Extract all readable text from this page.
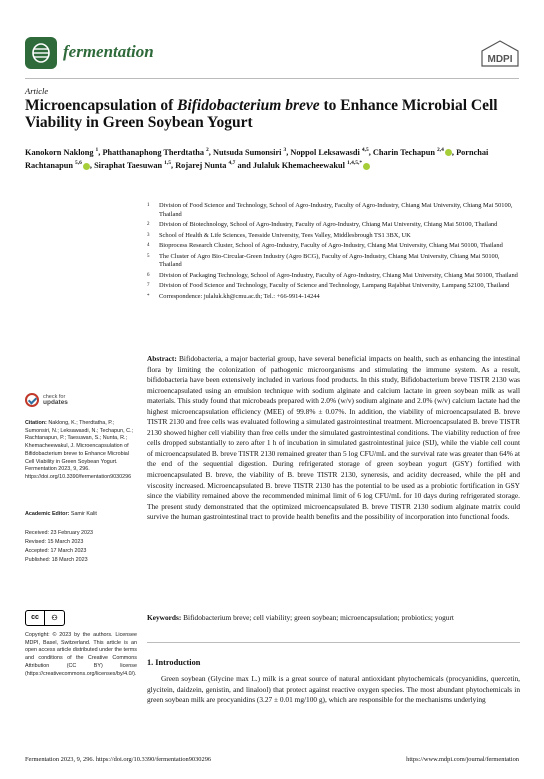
fermentation	MDPI
Article
Microencapsulation of Bifidobacterium breve to Enhance Microbial Cell Viability in Green Soybean Yogurt
Kanokorn Naklong $^1$, Phatthanaphong Therdtatha $^2$, Nutsuda Sumonsiri $^3$, Noppol Leksawasdi $^{4,5}$, Charin Techapun $^{2,4}$ , Pornchai Rachtanapun $^{5,6}$ , Siraphat Taesuwan $^{1,5}$, Rojarej Nunta $^{4,7}$ and Julaluk Khemacheewakul $^{1,4,5,*}$
1	Division of Food Science and Technology, School of Agro-Industry, Faculty of Agro-Industry, Chiang Mai University, Chiang Mai 50100, Thailand
2	Division of Biotechnology, School of Agro-Industry, Faculty of Agro-Industry, Chiang Mai University, Chiang Mai 50100, Thailand
3	School of Health & Life Sciences, Teesside University, Tees Valley, Middlesbrough TS1 3BX, UK
4	Bioprocess Research Cluster, School of Agro-Industry, Faculty of Agro-Industry, Chiang Mai University, Chiang Mai 50100, Thailand
5	The Cluster of Agro Bio-Circular-Green Industry (Agro BCG), Faculty of Agro-Industry, Chiang Mai University, Chiang Mai 50100, Thailand
6	Division of Packaging Technology, School of Agro-Industry, Faculty of Agro-Industry, Chiang Mai University, Chiang Mai 50100, Thailand
7	Division of Food Science and Technology, Faculty of Science and Technology, Lampang Rajabhat University, Lampang 52100, Thailand
*	Correspondence: julaluk.kh@cmu.ac.th; Tel.: +66-9914-14244
Abstract: Bifidobacteria, a major bacterial group, have several beneficial impacts on health, such as enhancing the intestinal flora by limiting the colonization of pathogenic microorganisms and stimulating the immune system. As a result, bifidobacteria have been extensively included in various food products. In this study, Bifidobacterium breve TISTR 2130 was microencapsulated using an emulsion technique with sodium alginate and calcium lactate in green soybean milk as wall materials. This study found that microbeads prepared with 2.0% (w/v) sodium alginate and 2.0% (w/v) calcium lactate had the highest microencapsulation efficiency (MEE) of 99.8% ± 0.07%. In addition, the viability of microencapsulated B. breve TISTR 2130 and free cells was evaluated following a simulated gastrointestinal treatment. Microencapsulated B. breve TISTR 2130 showed higher cell viability than free cells under the simulated gastrointestinal conditions. The viability reduction of free cells dropped substantially to zero after 1 h of incubation in simulated gastrointestinal juice (SIJ), while the viable cell count of microencapsulated B. breve TISTR 2130 remained greater than 5 log CFU/mL and the survival rate was greater than 64% at the end of the sequential digestion. During refrigerated storage of green soybean yogurt (GSY) fortified with microencapsulated B. breve, the viability of B. breve TISTR 2130, syneresis, and acidity decreased, while the pH and viscosity increased. Microencapsulated B. breve TISTR 2130 has the potential to be used as a probiotic fortification in GSY since the viability remained above the recommended minimal limit of 6 log CFU/mL for 10 days during refrigerated storage. The present study demonstrated that the optimized microencapsulated B. breve TISTR 2130 sodium alginate matrix could survive the human gastrointestinal tract to provide health benefits and the possibility of incorporation into functional foods.
Keywords: Bifidobacterium breve; cell viability; green soybean; microencapsulation; probiotics; yogurt
1. Introduction
Green soybean (Glycine max L.) milk is a great source of natural antioxidant phytochemicals (procyanidins, quercetin, glycitein, daidzein, genistin, and linalool) that protect against reactive oxygen species. The most abundant phytochemicals in green soybean milk are procyanidins (3.27 ± 0.01 mg/100 g), which are responsible for the mechanisms underlying
check for
updates
Citation: Naklong, K.; Therdtatha, P.; Sumonsiri, N.; Leksawasdi, N.; Techapun, C.; Rachtanapun, P.; Taesuwan, S.; Nunta, R.; Khemacheewakul, J. Microencapsulation of Bifidobacterium breve to Enhance Microbial Cell Viability in Green Soybean Yogurt. Fermentation 2023, 9, 296. https://doi.org/10.3390/fermentation9030296
Academic Editor: Samir Kalit
Received: 23 February 2023
Revised: 15 March 2023
Accepted: 17 March 2023
Published: 18 March 2023
cc	⚇
Copyright: © 2023 by the authors. Licensee MDPI, Basel, Switzerland. This article is an open access article distributed under the terms and conditions of the Creative Commons Attribution (CC BY) license (https://creativecommons.org/licenses/by/4.0/).
Fermentation 2023, 9, 296. https://doi.org/10.3390/fermentation9030296	https://www.mdpi.com/journal/fermentation
